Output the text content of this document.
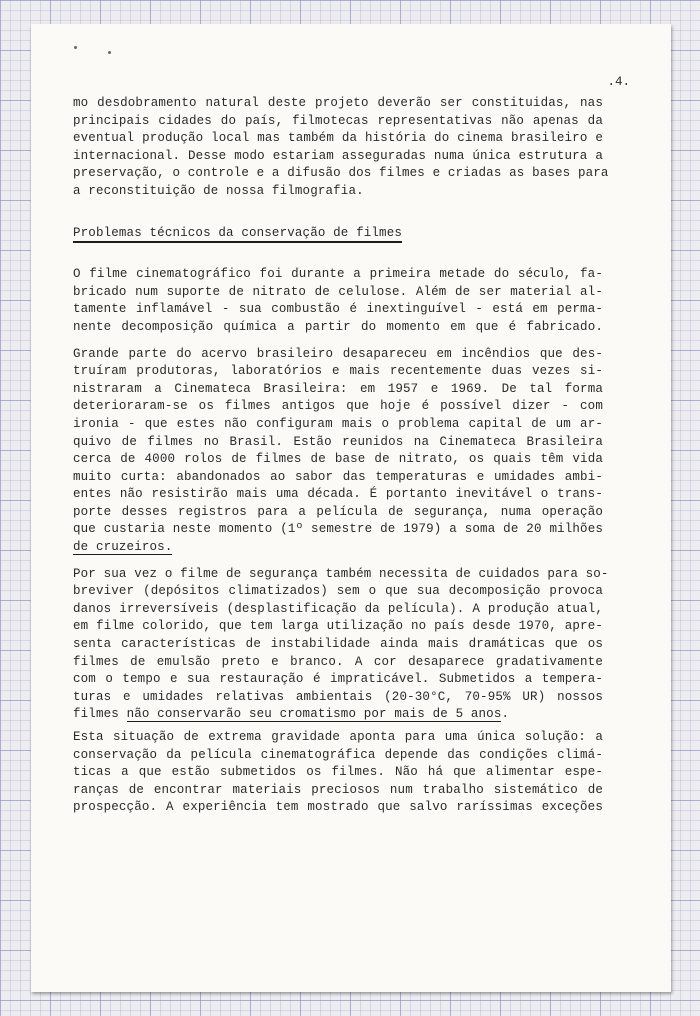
.4.
mo desdobramento natural deste projeto deverão ser constituidas, nas
principais cidades do país, filmotecas representativas não apenas da
eventual produção local mas também da história do cinema brasileiro e
internacional. Desse modo estariam asseguradas numa única estrutura a
preservação, o controle e a difusão dos filmes e criadas as bases para
a reconstituição de nossa filmografia.
Problemas técnicos da conservação de filmes
O filme cinematográfico foi durante a primeira metade do século, fa-
bricado num suporte de nitrato de celulose. Além de ser material al-
tamente inflamável - sua combustão é inextinguível - está em perma-
nente decomposição química a partir do momento em que é fabricado.
Grande parte do acervo brasileiro desapareceu em incêndios que des-
truíram produtoras, laboratórios e mais recentemente duas vezes si-
nistraram a Cinemateca Brasileira: em 1957 e 1969. De tal forma
deterioraram-se os filmes antigos que hoje é possível dizer - com
ironia - que estes não configuram mais o problema capital de um ar-
quivo de filmes no Brasil. Estão reunidos na Cinemateca Brasileira
cerca de 4000 rolos de filmes de base de nitrato, os quais têm vida
muito curta: abandonados ao sabor das temperaturas e umidades ambi-
entes não resistirão mais uma década. É portanto inevitável o trans-
porte desses registros para a película de segurança, numa operação
que custaria neste momento (1º semestre de 1979) a soma de 20 milhões
de cruzeiros.
Por sua vez o filme de segurança também necessita de cuidados para so-
breviver (depósitos climatizados) sem o que sua decomposição provoca
danos irreversíveis (desplastificação da película). A produção atual,
em filme colorido, que tem larga utilização no país desde 1970, apre-
senta características de instabilidade ainda mais dramáticas que os
filmes de emulsão preto e branco. A cor desaparece gradativamente
com o tempo e sua restauração é impraticável. Submetidos a tempera-
turas e umidades relativas ambientais (20-30°C, 70-95% UR) nossos
filmes não conservarão seu cromatismo por mais de 5 anos.
Esta situação de extrema gravidade aponta para uma única solução: a
conservação da película cinematográfica depende das condições climá-
ticas a que estão submetidos os filmes. Não há que alimentar espe-
ranças de encontrar materiais preciosos num trabalho sistemático de
prospecção. A experiência tem mostrado que salvo raríssimas exceções
